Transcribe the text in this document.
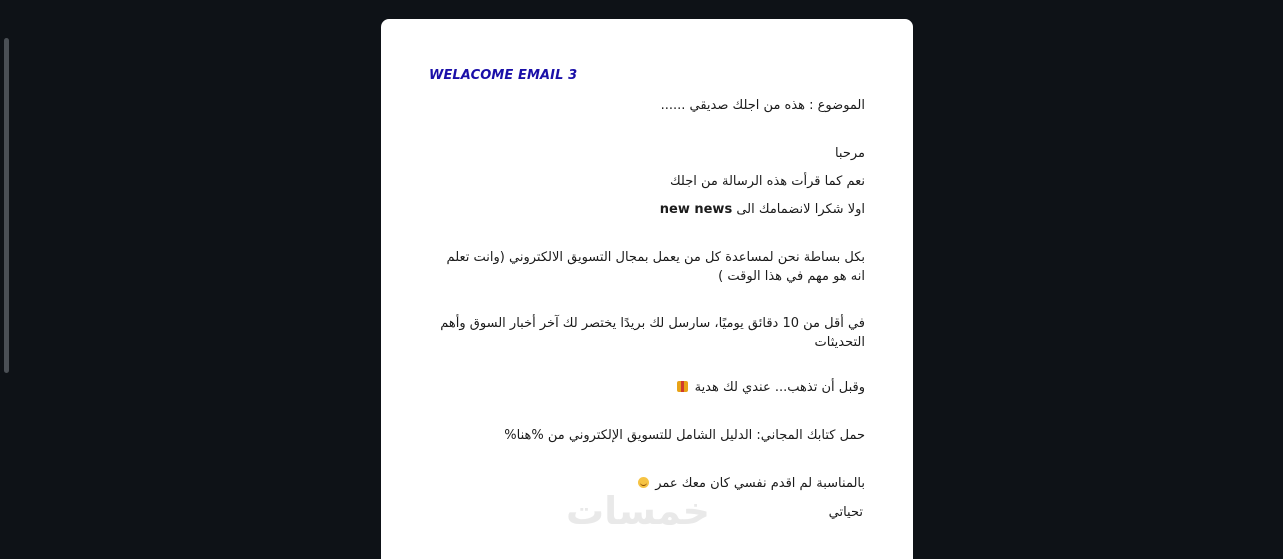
WELACOME EMAIL 3
الموضوع : هذه من اجلك صديقي ......
مرحبا
نعم كما قرأت هذه الرسالة من اجلك
اولا شكرا لانضمامك الى new news
بكل بساطة نحن لمساعدة كل من يعمل بمجال التسويق الالكتروني (وانت تعلم انه هو مهم في هذا الوقت )
في أقل من 10 دقائق يوميًا، سارسل لك بريدًا يختصر لك آخر أخبار السوق وأهم التحديثات
وقبل أن تذهب... عندي لك هدية
حمل كتابك المجاني: الدليل الشامل للتسويق الإلكتروني من %هنا%
بالمناسبة لم اقدم نفسي كان معك عمر
تحياتي
خمسات
